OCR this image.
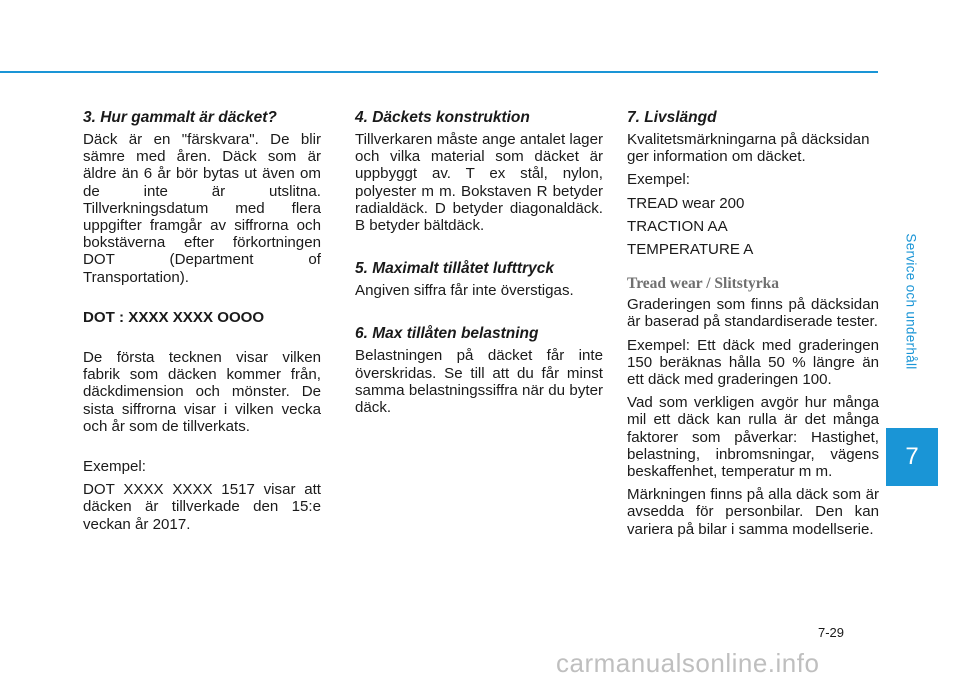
3. Hur gammalt är däcket?

Däck är en "färskvara". De blir sämre med åren. Däck som är äldre än 6 år bör bytas ut även om de inte är utslitna. Tillverkningsdatum med flera uppgifter framgår av siffrorna och bokstäverna efter förkortningen DOT (Department of Transportation).

DOT : XXXX XXXX OOOO

De första tecknen visar vilken fabrik som däcken kommer från, däckdimension och mönster. De sista siffrorna visar i vilken vecka och år som de tillverkats.

Exempel:

DOT XXXX XXXX 1517 visar att däcken är tillverkade den 15:e veckan år 2017.

4. Däckets konstruktion

Tillverkaren måste ange antalet lager och vilka material som däcket är uppbyggt av. T ex stål, nylon, polyester m m. Bokstaven R betyder radialdäck. D betyder diagonaldäck. B betyder bältdäck.

5. Maximalt tillåtet lufttryck

Angiven siffra får inte överstigas.

6. Max tillåten belastning

Belastningen på däcket får inte överskridas. Se till att du får minst samma belastningssiffra när du byter däck.

7. Livslängd

Kvalitetsmärkningarna på däcksidan ger information om däcket.

Exempel:

TREAD wear 200

TRACTION AA

TEMPERATURE A

Tread wear / Slitstyrka

Graderingen som finns på däcksidan är baserad på standardiserade tester.

Exempel: Ett däck med graderingen 150 beräknas hålla 50 % längre än ett däck med graderingen 100.

Vad som verkligen avgör hur många mil ett däck kan rulla är det många faktorer som påverkar: Hastighet, belastning, inbromsningar, vägens beskaffenhet, temperatur m m.

Märkningen finns på alla däck som är avsedda för personbilar. Den kan variera på bilar i samma modellserie.

Service och underhåll
7
7-29
carmanualsonline.info
